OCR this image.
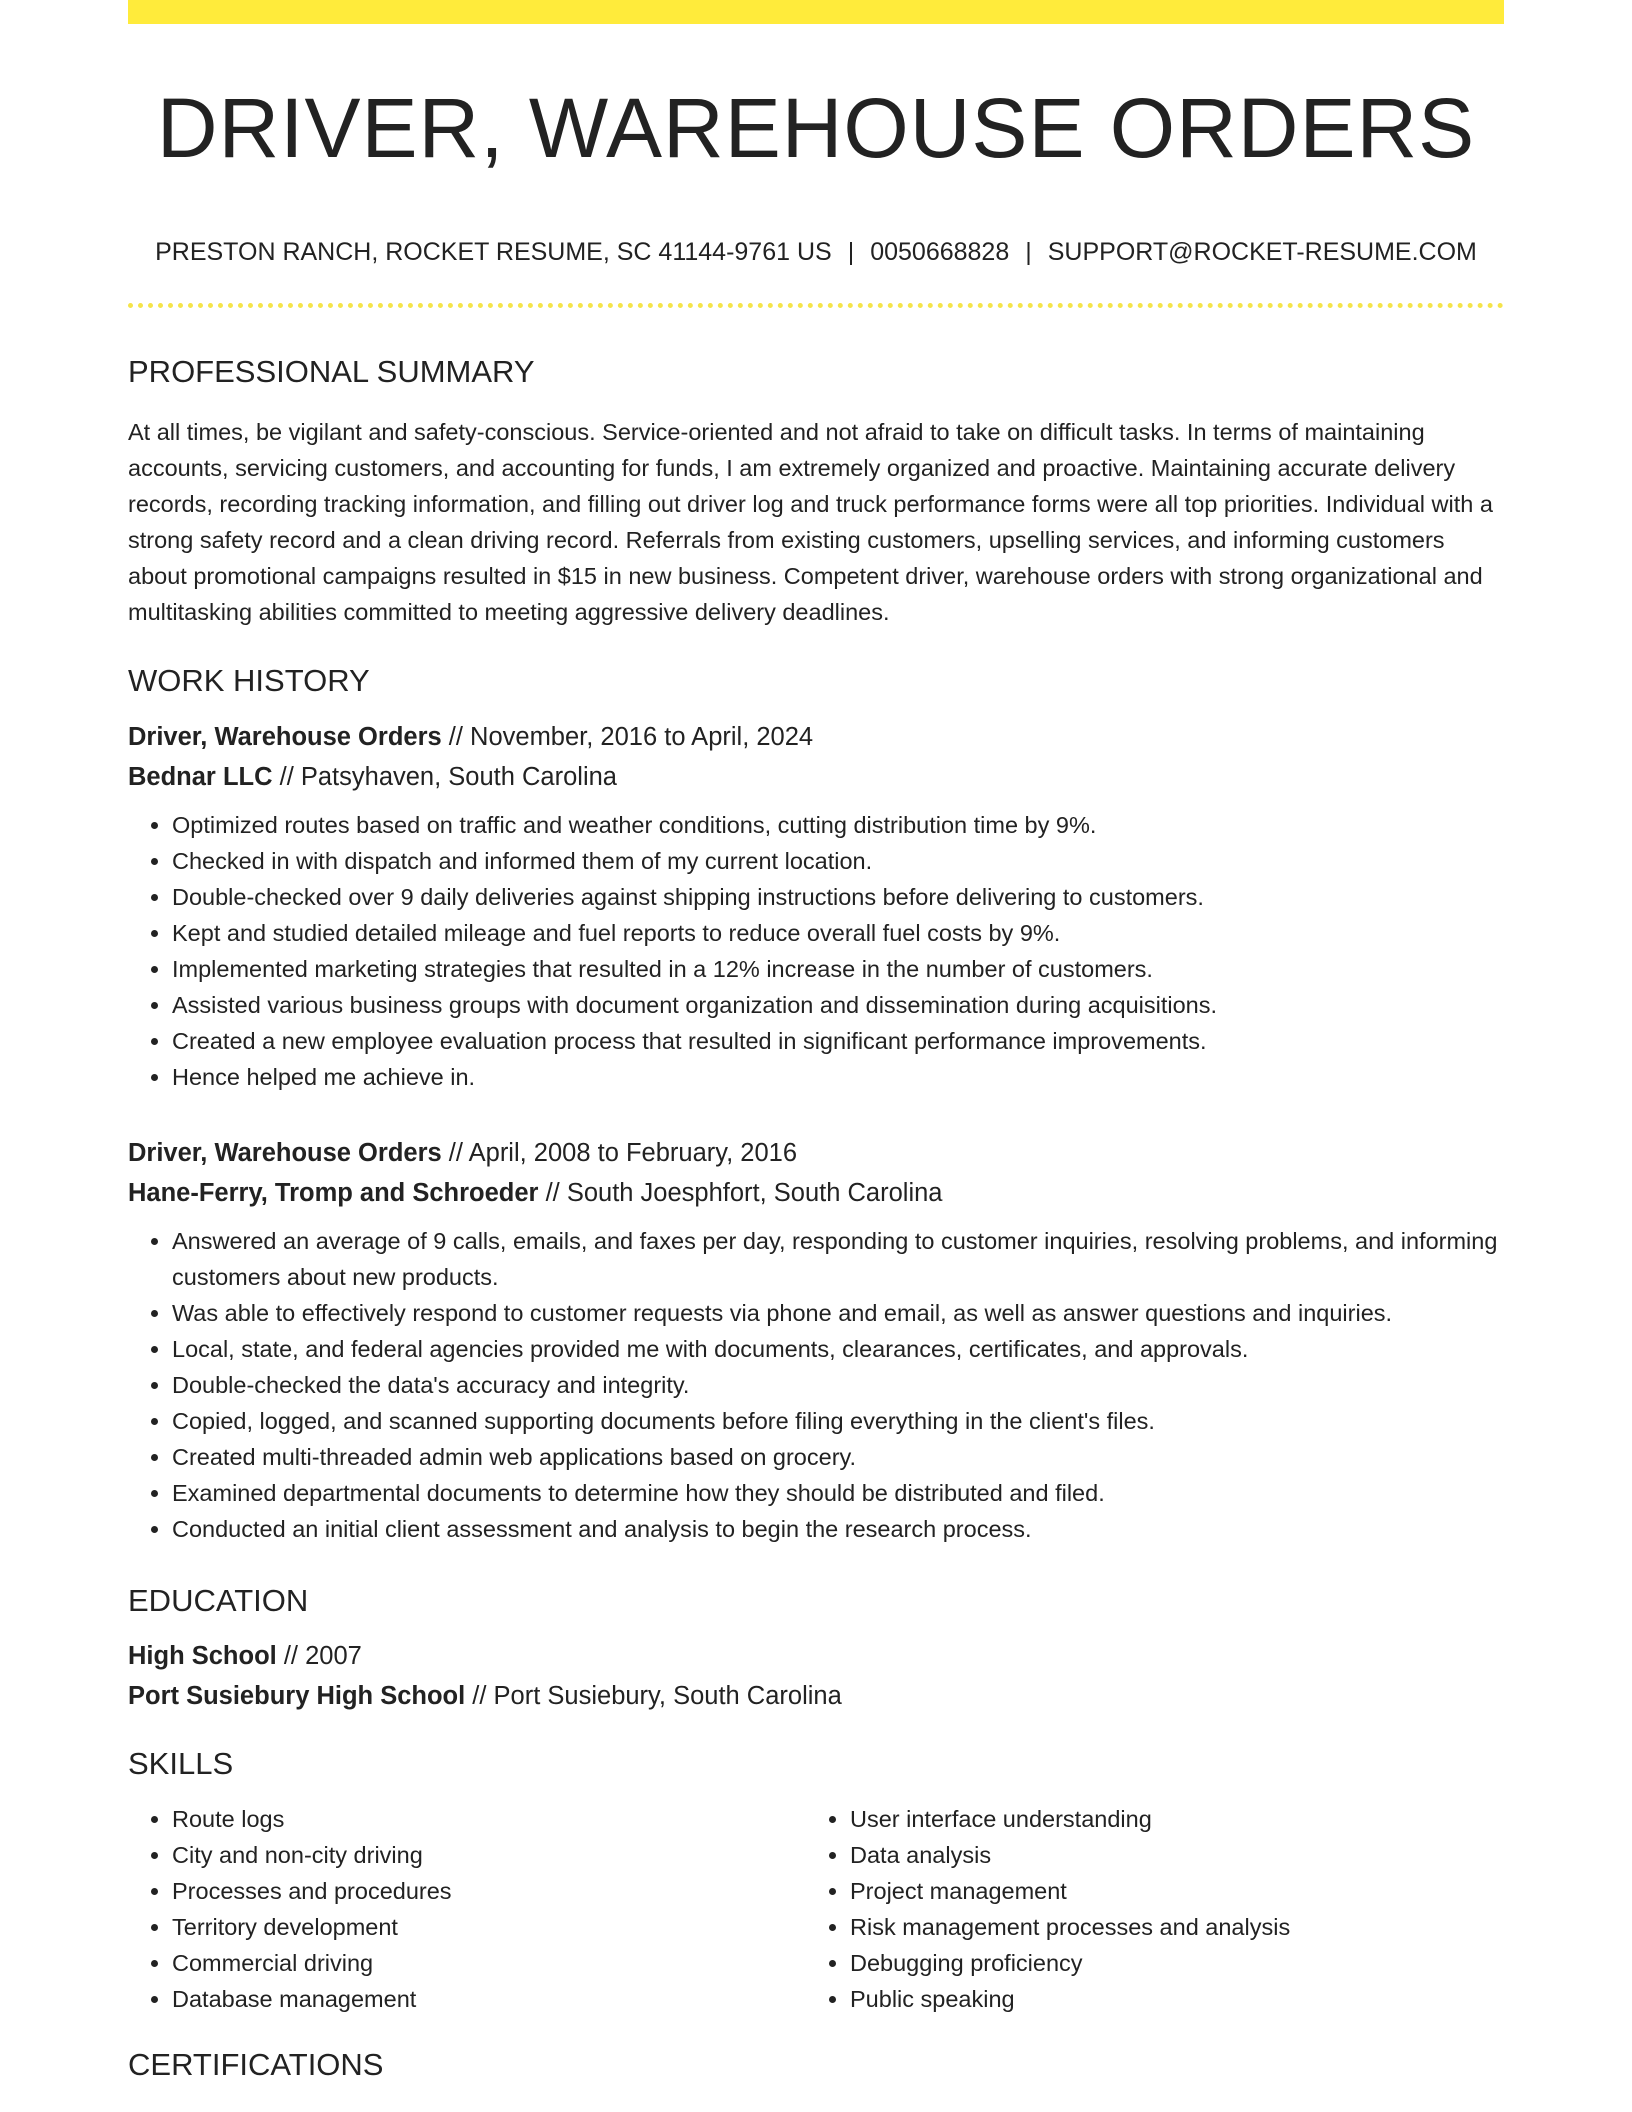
DRIVER, WAREHOUSE ORDERS
PRESTON RANCH, ROCKET RESUME, SC 41144-9761 US | 0050668828 | SUPPORT@ROCKET-RESUME.COM
PROFESSIONAL SUMMARY

At all times, be vigilant and safety-conscious. Service-oriented and not afraid to take on difficult tasks. In terms of maintaining accounts, servicing customers, and accounting for funds, I am extremely organized and proactive. Maintaining accurate delivery records, recording tracking information, and filling out driver log and truck performance forms were all top priorities. Individual with a strong safety record and a clean driving record. Referrals from existing customers, upselling services, and informing customers about promotional campaigns resulted in $15 in new business. Competent driver, warehouse orders with strong organizational and multitasking abilities committed to meeting aggressive delivery deadlines.

WORK HISTORY
Driver, Warehouse Orders // November, 2016 to April, 2024
Bednar LLC // Patsyhaven, South Carolina
• Optimized routes based on traffic and weather conditions, cutting distribution time by 9%.
• Checked in with dispatch and informed them of my current location.
• Double-checked over 9 daily deliveries against shipping instructions before delivering to customers.
• Kept and studied detailed mileage and fuel reports to reduce overall fuel costs by 9%.
• Implemented marketing strategies that resulted in a 12% increase in the number of customers.
• Assisted various business groups with document organization and dissemination during acquisitions.
• Created a new employee evaluation process that resulted in significant performance improvements.
• Hence helped me achieve in.
Driver, Warehouse Orders // April, 2008 to February, 2016
Hane-Ferry, Tromp and Schroeder // South Joesphfort, South Carolina
• Answered an average of 9 calls, emails, and faxes per day, responding to customer inquiries, resolving problems, and informing customers about new products.
• Was able to effectively respond to customer requests via phone and email, as well as answer questions and inquiries.
• Local, state, and federal agencies provided me with documents, clearances, certificates, and approvals.
• Double-checked the data's accuracy and integrity.
• Copied, logged, and scanned supporting documents before filing everything in the client's files.
• Created multi-threaded admin web applications based on grocery.
• Examined departmental documents to determine how they should be distributed and filed.
• Conducted an initial client assessment and analysis to begin the research process.
EDUCATION
High School // 2007
Port Susiebury High School // Port Susiebury, South Carolina
SKILLS
• Route logs
• City and non-city driving
• Processes and procedures
• Territory development
• Commercial driving
• Database management
• User interface understanding
• Data analysis
• Project management
• Risk management processes and analysis
• Debugging proficiency
• Public speaking
CERTIFICATIONS
